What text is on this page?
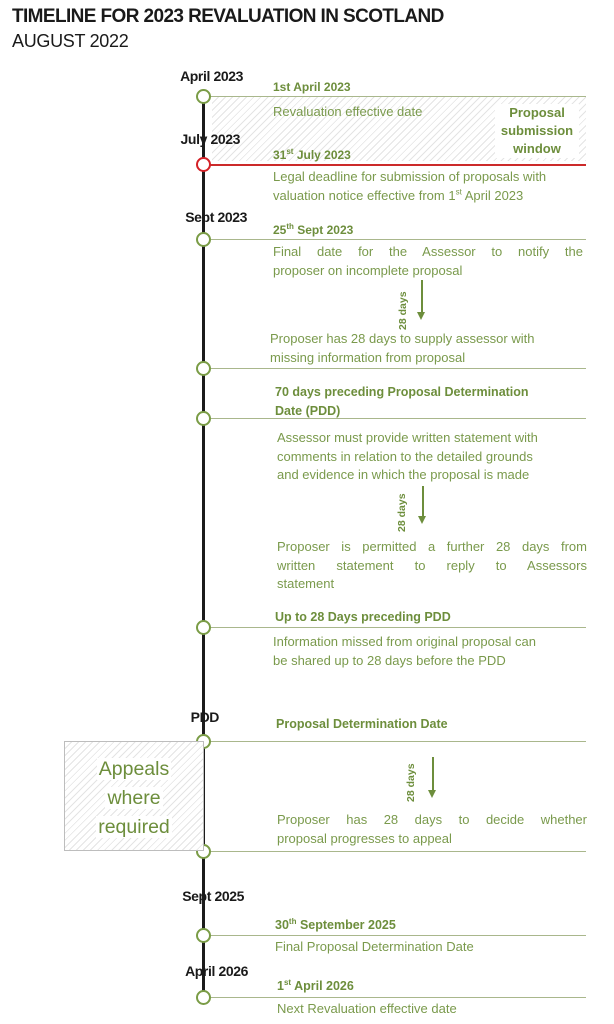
TIMELINE FOR 2023 REVALUATION IN SCOTLAND
AUGUST 2022
Proposal
submission
window
April 2023
July 2023
Sept 2023
PDD
Sept 2025
April 2026
1st April 2023
Revaluation effective date
31st July 2023
Legal deadline for submission of proposals with
valuation notice effective from 1st April 2023
25th Sept 2023
Final date for the Assessor to notify the
proposer on incomplete proposal
28 days
Proposer has 28 days to supply assessor with
missing information from proposal
70 days preceding Proposal Determination
Date (PDD)
Assessor must provide written statement with
comments in relation to the detailed grounds
and evidence in which the proposal is made
28 days
Proposer is permitted a further 28 days from
written statement to reply to Assessors
statement
Up to 28 Days preceding PDD
Information missed from original proposal can
be shared up to 28 days before the PDD
Proposal Determination Date
Appeals
where
required
28 days
Proposer has 28 days to decide whether
proposal progresses to appeal
30th September 2025
Final Proposal Determination Date
1st April 2026
Next Revaluation effective date
